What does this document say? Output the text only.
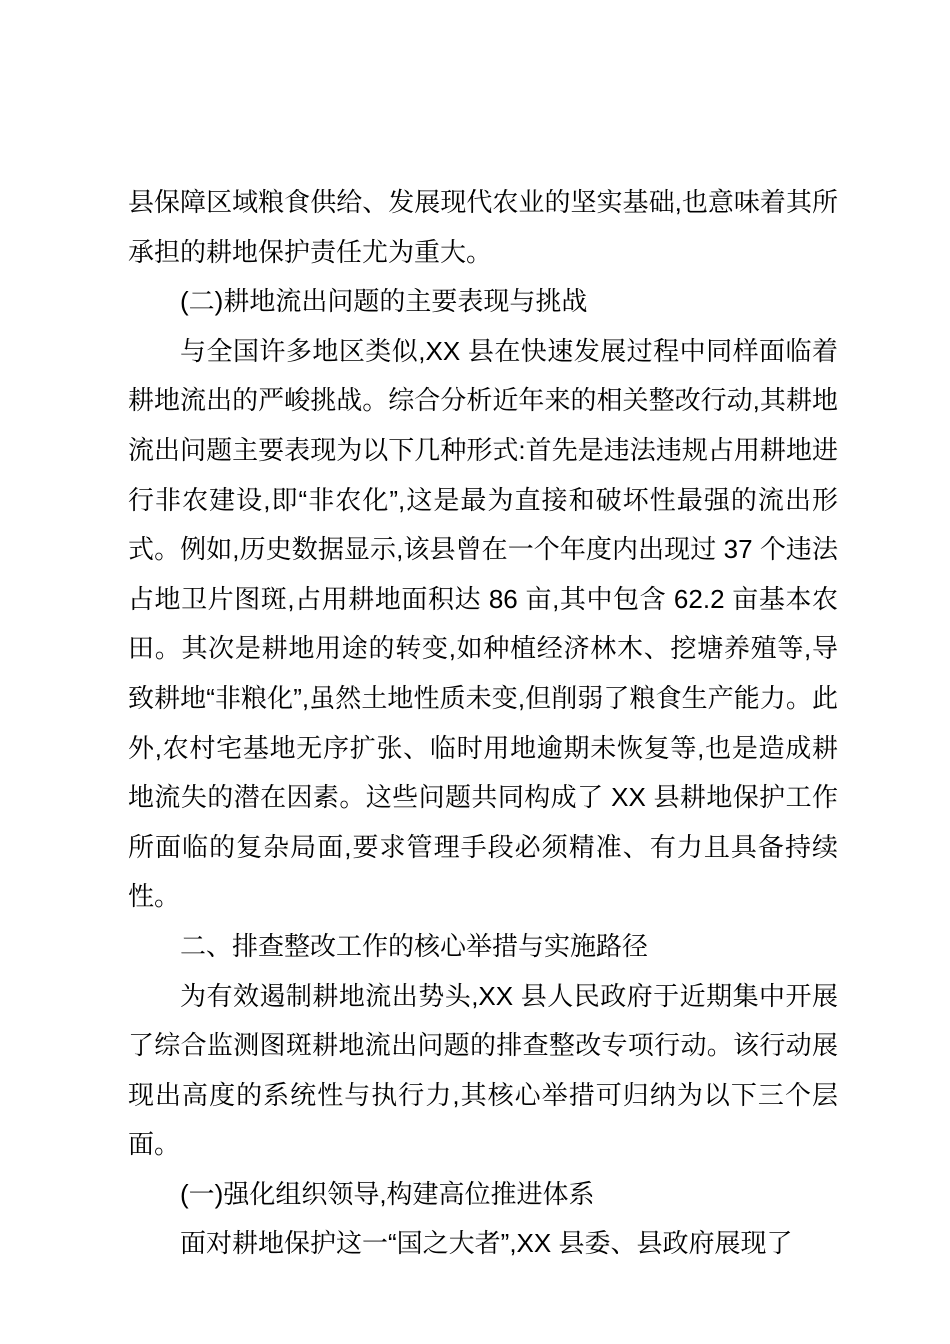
县保障区域粮食供给、发展现代农业的坚实基础,也意味着其所承担的耕地保护责任尤为重大。

(二)耕地流出问题的主要表现与挑战

与全国许多地区类似,XX 县在快速发展过程中同样面临着耕地流出的严峻挑战。综合分析近年来的相关整改行动,其耕地流出问题主要表现为以下几种形式:首先是违法违规占用耕地进行非农建设,即“非农化”,这是最为直接和破坏性最强的流出形式。例如,历史数据显示,该县曾在一个年度内出现过 37 个违法占地卫片图斑,占用耕地面积达 86 亩,其中包含 62.2 亩基本农田。其次是耕地用途的转变,如种植经济林木、挖塘养殖等,导致耕地“非粮化”,虽然土地性质未变,但削弱了粮食生产能力。此外,农村宅基地无序扩张、临时用地逾期未恢复等,也是造成耕地流失的潜在因素。这些问题共同构成了 XX 县耕地保护工作所面临的复杂局面,要求管理手段必须精准、有力且具备持续性。

二、排查整改工作的核心举措与实施路径

为有效遏制耕地流出势头,XX 县人民政府于近期集中开展了综合监测图斑耕地流出问题的排查整改专项行动。该行动展现出高度的系统性与执行力,其核心举措可归纳为以下三个层面。

(一)强化组织领导,构建高位推进体系

面对耕地保护这一“国之大者”,XX 县委、县政府展现了
